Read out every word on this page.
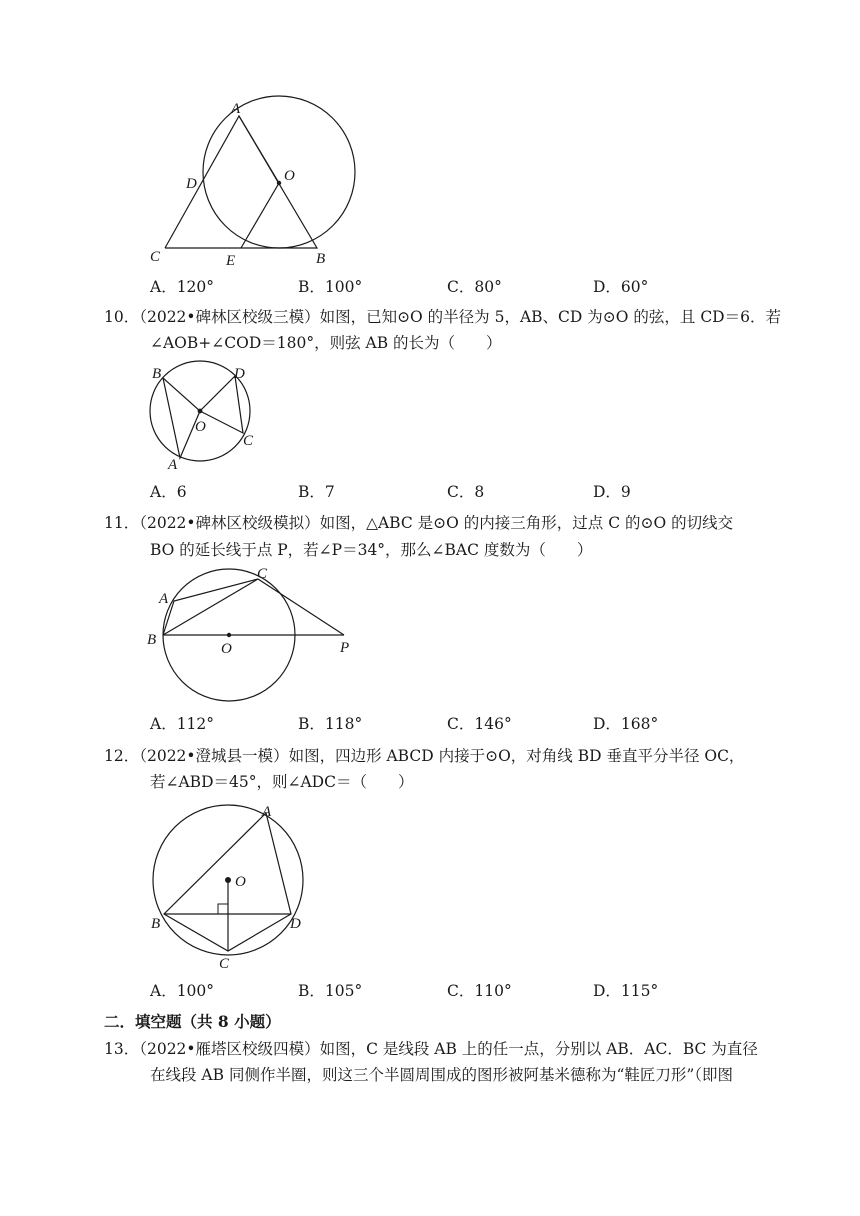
A
O
D
C	E	B
A．120°	B．100°	C．80°	D．60°
10．（2022•碑林区校级三模）如图，已知⊙O 的半径为 5，AB、CD 为⊙O 的弦，且 CD＝6．若
∠AOB+∠COD＝180°，则弦 AB 的长为（　　）
B	D
O
C
A
A．6	B．7	C．8	D．9
11．（2022•碑林区校级模拟）如图，△ABC 是⊙O 的内接三角形，过点 C 的⊙O 的切线交
BO 的延长线于点 P，若∠P＝34°，那么∠BAC 度数为（　　）
A
B
C
O	P
A．112°	B．118°	C．146°	D．168°
12．（2022•澄城县一模）如图，四边形 ABCD 内接于⊙O，对角线 BD 垂直平分半径 OC，
若∠ABD＝45°，则∠ADC＝（　　）
A
O
B	D
C
A．100°	B．105°	C．110°	D．115°
二．填空题（共 8 小题）
13．（2022•雁塔区校级四模）如图，C 是线段 AB 上的任一点，分别以 AB．AC．BC 为直径
在线段 AB 同侧作半圈，则这三个半圆周围成的图形被阿基米德称为“鞋匠刀形”（即图
